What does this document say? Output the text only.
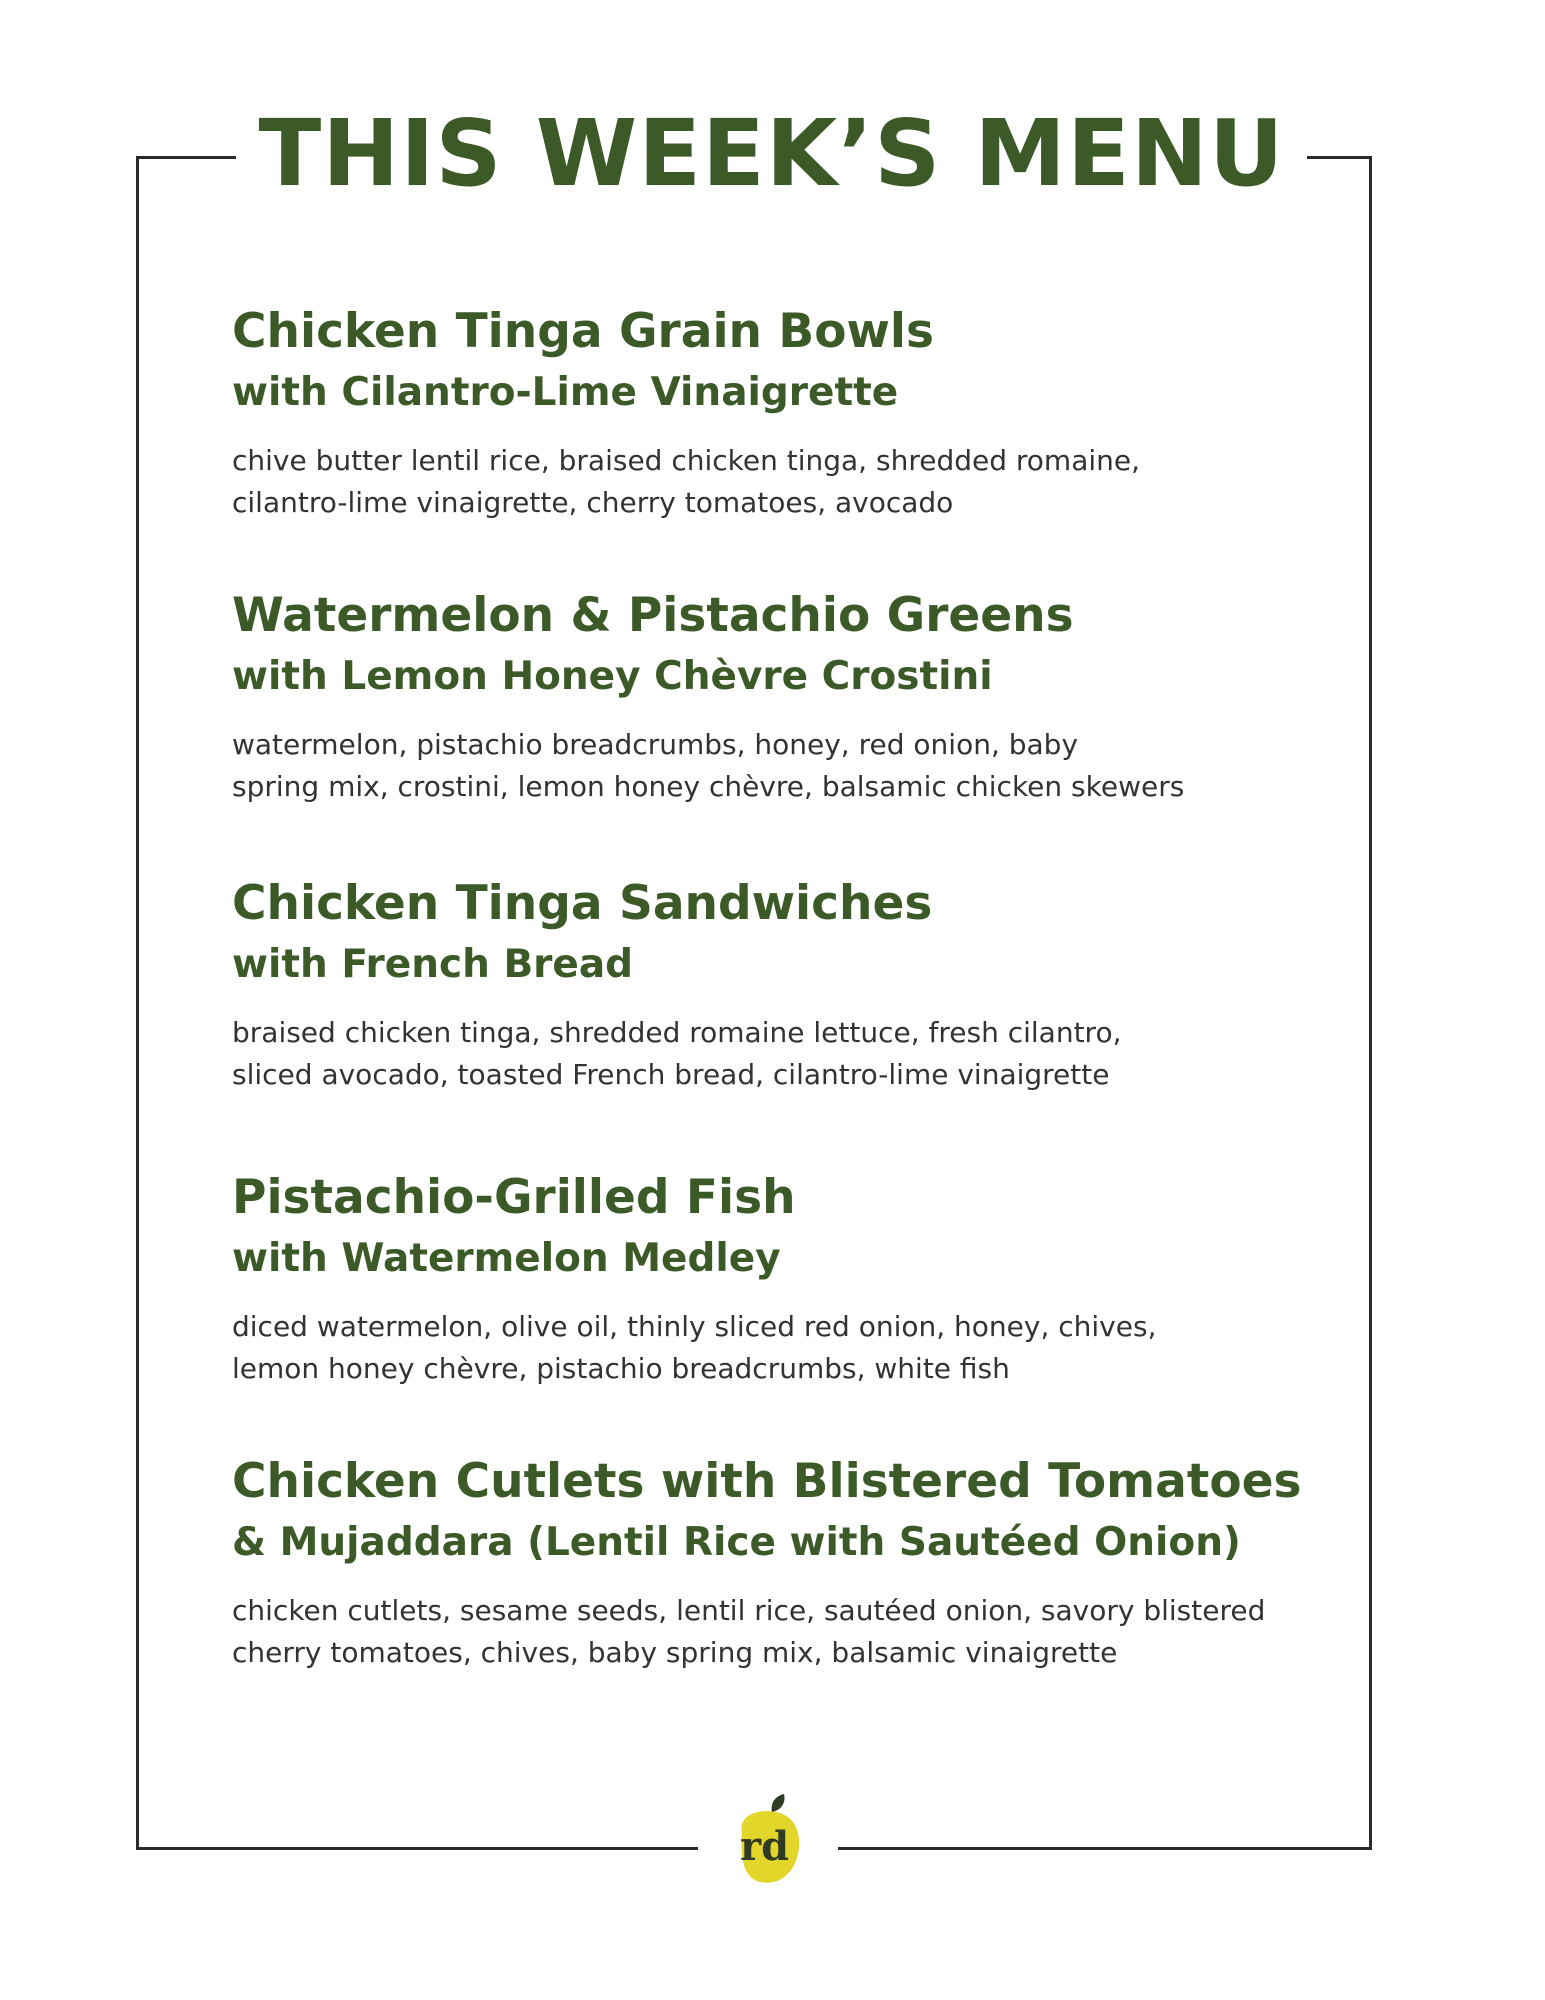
THIS WEEK’S MENU

Chicken Tinga Grain Bowls

with Cilantro-Lime Vinaigrette

chive butter lentil rice, braised chicken tinga, shredded romaine,
cilantro-lime vinaigrette, cherry tomatoes, avocado

Watermelon & Pistachio Greens

with Lemon Honey Chèvre Crostini

watermelon, pistachio breadcrumbs, honey, red onion, baby
spring mix, crostini, lemon honey chèvre, balsamic chicken skewers

Chicken Tinga Sandwiches

with French Bread

braised chicken tinga, shredded romaine lettuce, fresh cilantro,
sliced avocado, toasted French bread, cilantro-lime vinaigrette

Pistachio-Grilled Fish

with Watermelon Medley

diced watermelon, olive oil, thinly sliced red onion, honey, chives,
lemon honey chèvre, pistachio breadcrumbs, white fish

Chicken Cutlets with Blistered Tomatoes

& Mujaddara (Lentil Rice with Sautéed Onion)

chicken cutlets, sesame seeds, lentil rice, sautéed onion, savory blistered
cherry tomatoes, chives, baby spring mix, balsamic vinaigrette

rd
